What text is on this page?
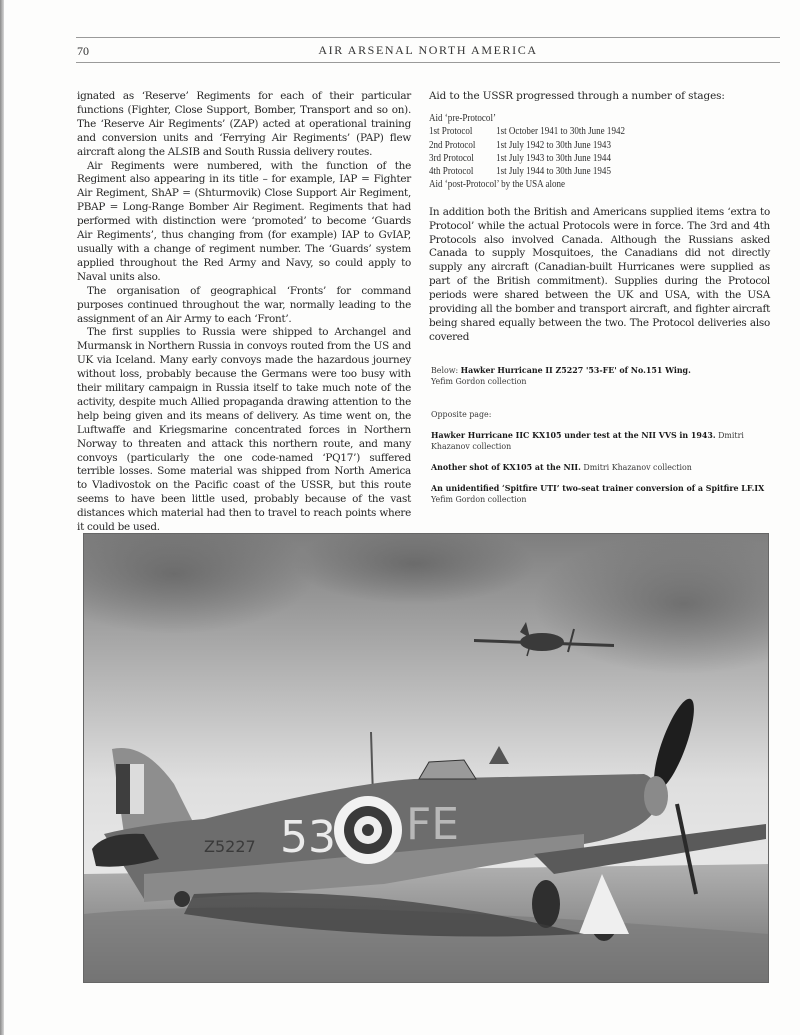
70	AIR ARSENAL NORTH AMERICA

ignated as ‘Reserve’ Regiments for each of their particular functions (Fighter, Close Support, Bomber, Transport and so on). The ‘Reserve Air Regiments’ (ZAP) acted at operational training and conversion units and ‘Ferrying Air Regiments’ (PAP) flew aircraft along the ALSIB and South Russia delivery routes.

Air Regiments were numbered, with the function of the Regiment also appearing in its title – for example, IAP = Fighter Air Regiment, ShAP = (Shturmovik) Close Support Air Regiment, PBAP = Long-Range Bomber Air Regiment. Regiments that had performed with distinction were ‘promoted’ to become ‘Guards Air Regiments’, thus changing from (for example) IAP to GvIAP, usually with a change of regiment number. The ‘Guards’ system applied throughout the Red Army and Navy, so could apply to Naval units also.

The organisation of geographical ‘Fronts’ for command purposes continued throughout the war, normally leading to the assignment of an Air Army to each ‘Front’.

The first supplies to Russia were shipped to Archangel and Murmansk in Northern Russia in convoys routed from the US and UK via Iceland. Many early convoys made the hazardous journey without loss, probably because the Germans were too busy with their military campaign in Russia itself to take much note of the activity, despite much Allied propaganda drawing attention to the help being given and its means of delivery. As time went on, the Luftwaffe and Kriegsmarine concentrated forces in Northern Norway to threaten and attack this northern route, and many convoys (particularly the one code-named ‘PQ17’) suffered terrible losses. Some material was shipped from North America to Vladivostok on the Pacific coast of the USSR, but this route seems to have been little used, probably because of the vast distances which material had then to travel to reach points where it could be used.

Aid to the USSR progressed through a number of stages:

Aid ‘pre-Protocol’
1st Protocol	1st October 1941 to 30th June 1942
2nd Protocol	1st July 1942 to 30th June 1943
3rd Protocol	1st July 1943 to 30th June 1944
4th Protocol	1st July 1944 to 30th June 1945
Aid ‘post-Protocol’ by the USA alone

In addition both the British and Americans supplied items ‘extra to Protocol’ while the actual Protocols were in force. The 3rd and 4th Protocols also involved Canada. Although the Russians asked Canada to supply Mosquitoes, the Canadians did not directly supply any aircraft (Canadian-built Hurricanes were supplied as part of the British commitment). Supplies during the Protocol periods were shared between the UK and USA, with the USA providing all the bomber and transport aircraft, and fighter aircraft being shared equally between the two. The Protocol deliveries also covered

Below: Hawker Hurricane II Z5227 '53-FE' of No.151 Wing.
Yefim Gordon collection
Opposite page:
Hawker Hurricane IIC KX105 under test at the NII VVS in 1943. Dmitri Khazanov collection
Another shot of KX105 at the NII. Dmitri Khazanov collection
An unidentified ‘Spitfire UTI’ two-seat trainer conversion of a Spitfire LF.IX
Yefim Gordon collection
53 FE
Z5227
